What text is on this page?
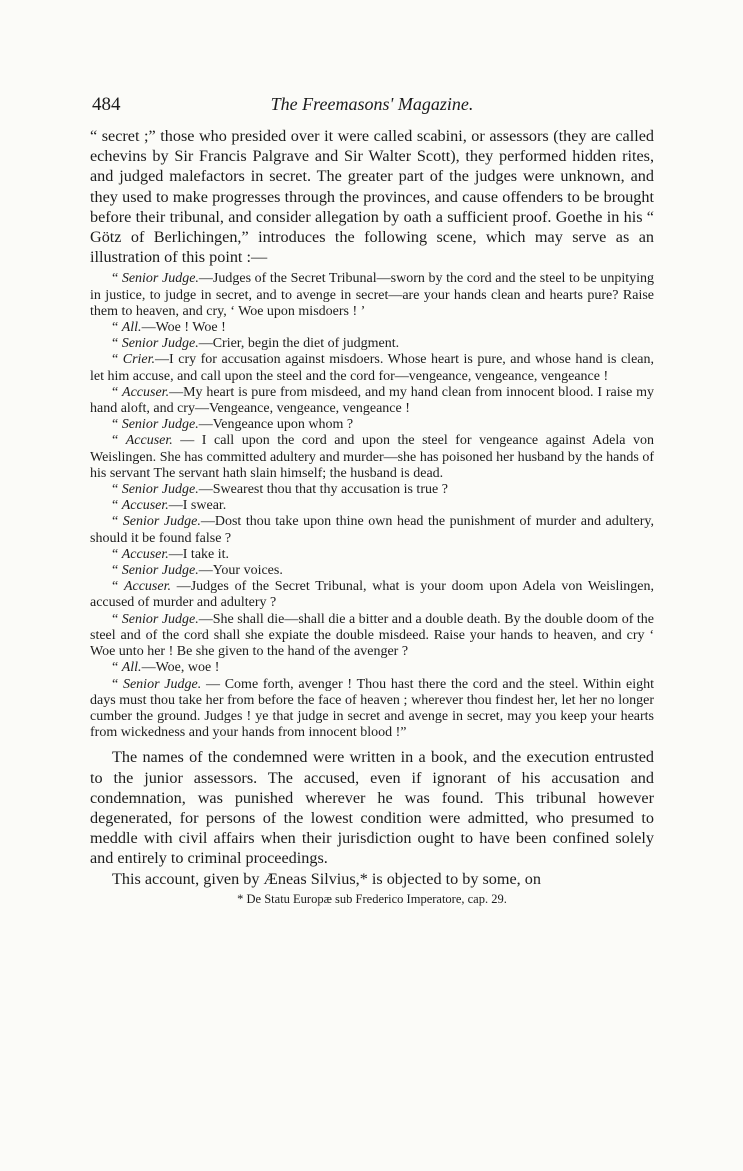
484	The Freemasons' Magazine.

“ secret ;” those who presided over it were called scabini, or assessors (they are called echevins by Sir Francis Palgrave and Sir Walter Scott), they performed hidden rites, and judged malefactors in secret. The greater part of the judges were unknown, and they used to make progresses through the provinces, and cause offenders to be brought before their tribunal, and consider allegation by oath a sufficient proof. Goethe in his “ Götz of Berlichingen,” introduces the following scene, which may serve as an illustration of this point :—

“ Senior Judge.—Judges of the Secret Tribunal—sworn by the cord and the steel to be unpitying in justice, to judge in secret, and to avenge in secret—are your hands clean and hearts pure? Raise them to heaven, and cry, ‘ Woe upon misdoers ! ’

“ All.—Woe ! Woe !

“ Senior Judge.—Crier, begin the diet of judgment.

“ Crier.—I cry for accusation against misdoers. Whose heart is pure, and whose hand is clean, let him accuse, and call upon the steel and the cord for—vengeance, vengeance, vengeance !

“ Accuser.—My heart is pure from misdeed, and my hand clean from innocent blood. I raise my hand aloft, and cry—Vengeance, vengeance, vengeance !

“ Senior Judge.—Vengeance upon whom ?

“ Accuser. — I call upon the cord and upon the steel for vengeance against Adela von Weislingen. She has committed adultery and murder—she has poisoned her husband by the hands of his servant The servant hath slain himself; the husband is dead.

“ Senior Judge.—Swearest thou that thy accusation is true ?

“ Accuser.—I swear.

“ Senior Judge.—Dost thou take upon thine own head the punishment of murder and adultery, should it be found false ?

“ Accuser.—I take it.

“ Senior Judge.—Your voices.

“ Accuser. —Judges of the Secret Tribunal, what is your doom upon Adela von Weislingen, accused of murder and adultery ?

“ Senior Judge.—She shall die—shall die a bitter and a double death. By the double doom of the steel and of the cord shall she expiate the double misdeed. Raise your hands to heaven, and cry ‘ Woe unto her ! Be she given to the hand of the avenger ?

“ All.—Woe, woe !

“ Senior Judge. — Come forth, avenger ! Thou hast there the cord and the steel. Within eight days must thou take her from before the face of heaven ; wherever thou findest her, let her no longer cumber the ground. Judges ! ye that judge in secret and avenge in secret, may you keep your hearts from wickedness and your hands from innocent blood !”

The names of the condemned were written in a book, and the execution entrusted to the junior assessors. The accused, even if ignorant of his accusation and condemnation, was punished wherever he was found. This tribunal however degenerated, for persons of the lowest condition were admitted, who presumed to meddle with civil affairs when their jurisdiction ought to have been confined solely and entirely to criminal proceedings.

This account, given by Æneas Silvius,* is objected to by some, on

* De Statu Europæ sub Frederico Imperatore, cap. 29.
